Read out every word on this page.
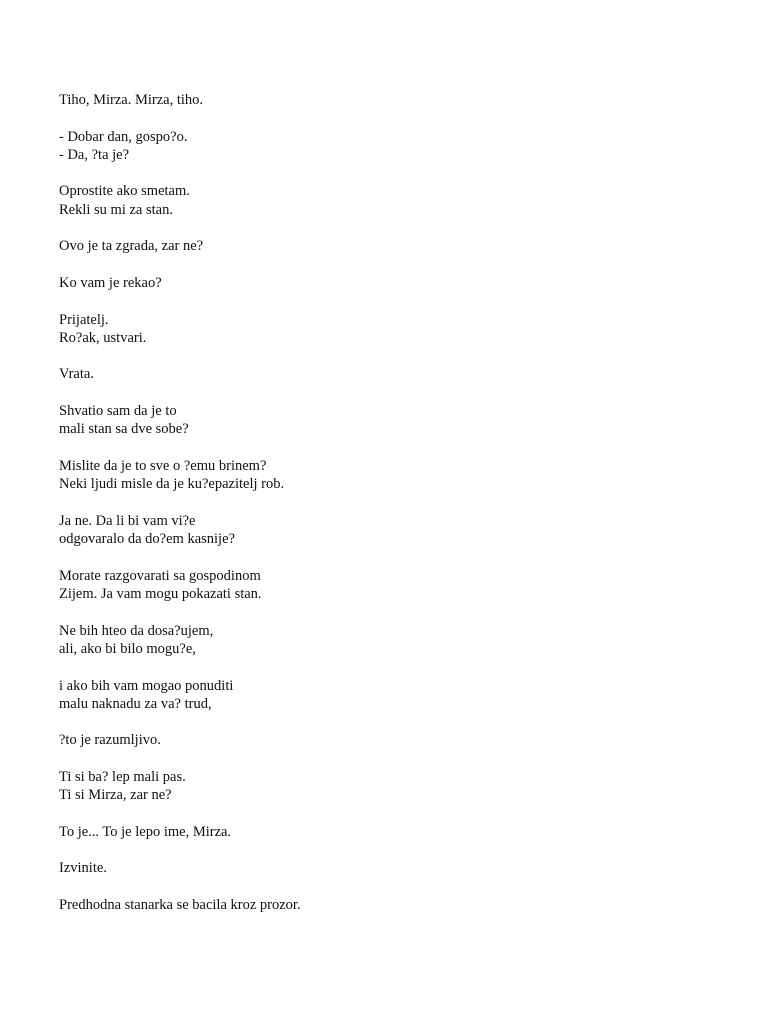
Tiho, Mirza. Mirza, tiho.
- Dobar dan, gospo?o.
- Da, ?ta je?
Oprostite ako smetam.
Rekli su mi za stan.
Ovo je ta zgrada, zar ne?
Ko vam je rekao?
Prijatelj.
Ro?ak, ustvari.
Vrata.
Shvatio sam da je to
mali stan sa dve sobe?
Mislite da je to sve o ?emu brinem?
Neki ljudi misle da je ku?epazitelj rob.
Ja ne. Da li bi vam vi?e
odgovaralo da do?em kasnije?
Morate razgovarati sa gospodinom
Zijem. Ja vam mogu pokazati stan.
Ne bih hteo da dosa?ujem,
ali, ako bi bilo mogu?e,
i ako bih vam mogao ponuditi
malu naknadu za va? trud,
?to je razumljivo.
Ti si ba? lep mali pas.
Ti si Mirza, zar ne?
To je... To je lepo ime, Mirza.
Izvinite.
Predhodna stanarka se bacila kroz prozor.
